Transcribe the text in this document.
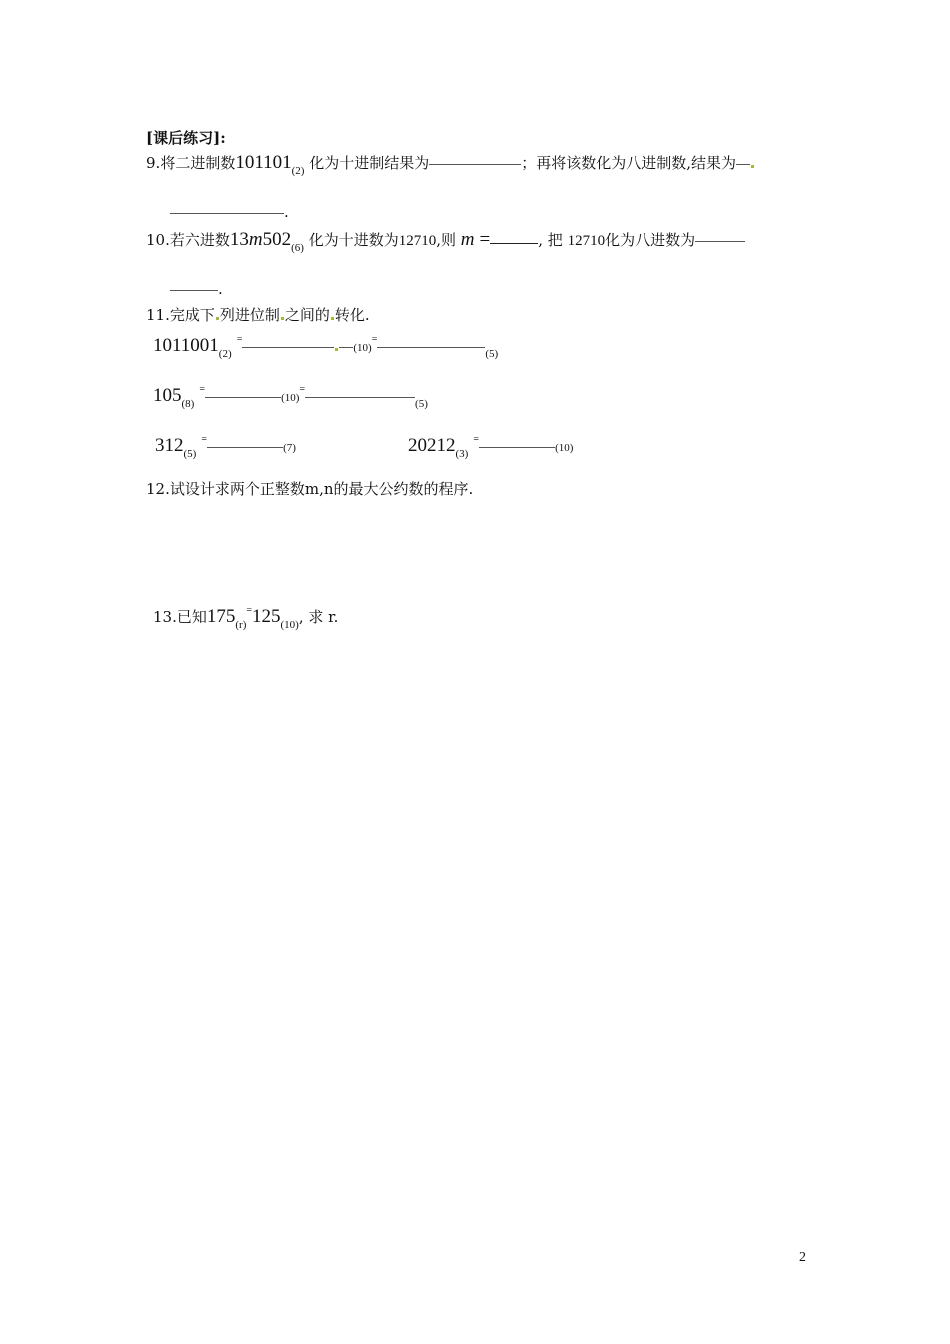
[课后练习]:
9.将二进制数$101101_{(2)}$ 化为十进制结果为	；再将该数化为八进制数,结果为
.
10.若六进数$13m502_{(6)}$ 化为十进数为12710,则 m =	, 把 12710化为八进数为
.
11.完成下 列进位制 之间的 转化.
$1011001_{(2)}$ $^=(10)^=_{(5)}$
$105_{(8)}$ $^=(10)^=_{(5)}$
$312_{(5)}$ =(7)	$20212_{(3)}$ =(10)
12.试设计求两个正整数m,n的最大公约数的程序.
13.已知$175_{(r)}^=125_{(10)}$, 求 r.
2
